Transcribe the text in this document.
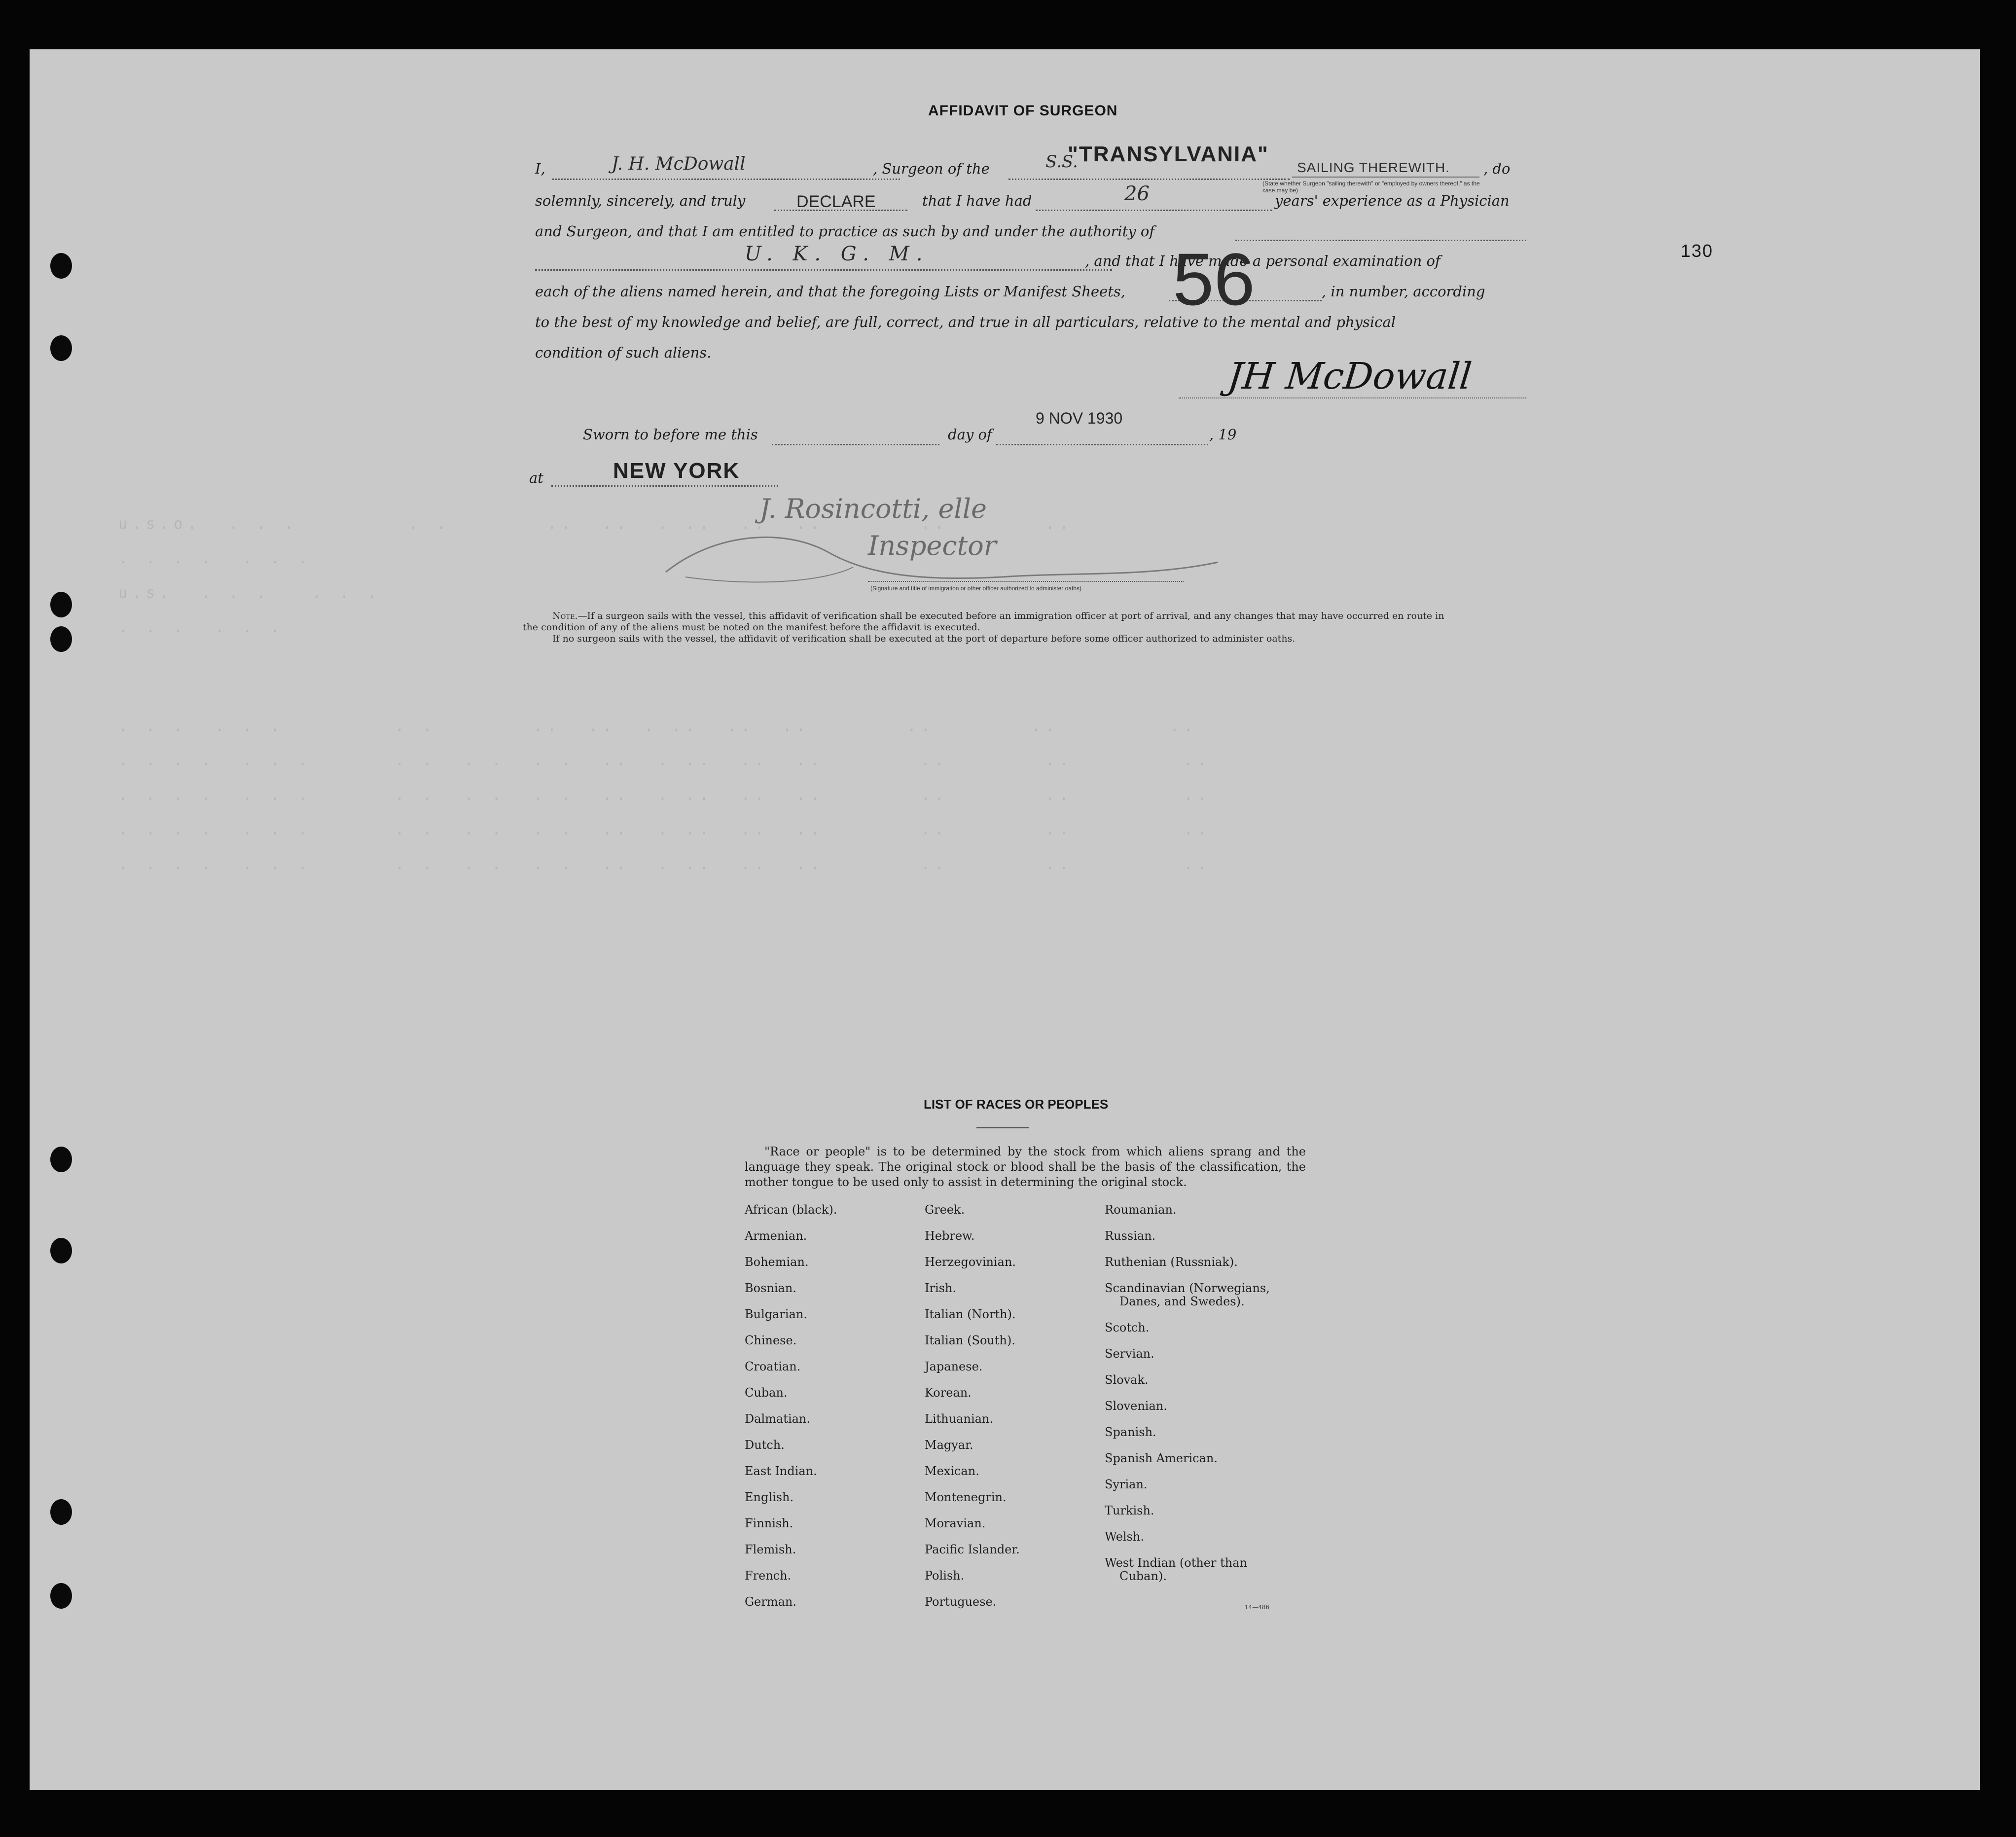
u.s.o.  . . .        . .       ..  ..  . ..  ..  ..       ..       ..
. . . .  . . .
u.s.  . . .   . . .
. . .  . . .
. . .  . . .        . .       ..  ..  . ..  ..  ..       ..       ..        ..
. . . .  . . .      . .  . .  . .  ..  . ..  ..  ..       ..       ..        ..
. . . .  . . .      . .  . .  . .  ..  . ..  ..  ..       ..       ..        ..
. . . .  . . .      . .  . .  . .  ..  . ..  ..  ..       ..       ..        ..
. . . .  . . .      . .  . .  . .  ..  . ..  ..  ..       ..       ..        ..
130
AFFIDAVIT OF SURGEON
I,	J. H. McDowall	, Surgeon of the	S.S.
"TRANSYLVANIA"
SAILING THEREWITH.
(State whether Surgeon "sailing therewith" or "employed by owners thereof," as the case may be)
, do
solemnly, sincerely, and truly	DECLARE	that I have had	26	years' experience as a Physician
and Surgeon, and that I am entitled to practice as such by and under the authority of
U. K. G. M.	, and that I have made a personal examination of
each of the aliens named herein, and that the foregoing Lists or Manifest Sheets, 56	, in number, according
to the best of my knowledge and belief, are full, correct, and true in all particulars, relative to the mental and physical
condition of such aliens.
JH McDowall
Sworn to before me this	day of
9 NOV 1930
, 19
at	NEW YORK
J. Rosincotti, elle
Inspector
(Signature and title of immigration or other officer authorized to administer oaths)
Note.—If a surgeon sails with the vessel, this affidavit of verification shall be executed before an immigration officer at port of arrival, and any changes that may have occurred en route in
the condition of any of the aliens must be noted on the manifest before the affidavit is executed.
If no surgeon sails with the vessel, the affidavit of verification shall be executed at the port of departure before some officer authorized to administer oaths.
LIST OF RACES OR PEOPLES
"Race or people" is to be determined by the stock from which aliens sprang and the language they speak. The original stock or blood shall be the basis of the classification, the mother tongue to be used only to assist in determining the original stock.
African (black).
Armenian.
Bohemian.
Bosnian.
Bulgarian.
Chinese.
Croatian.
Cuban.
Dalmatian.
Dutch.
East Indian.
English.
Finnish.
Flemish.
French.
German.
Greek.
Hebrew.
Herzegovinian.
Irish.
Italian (North).
Italian (South).
Japanese.
Korean.
Lithuanian.
Magyar.
Mexican.
Montenegrin.
Moravian.
Pacific Islander.
Polish.
Portuguese.
Roumanian.
Russian.
Ruthenian (Russniak).
Scandinavian (Norwegians,
Danes, and Swedes).
Scotch.
Servian.
Slovak.
Slovenian.
Spanish.
Spanish American.
Syrian.
Turkish.
Welsh.
West Indian (other than
Cuban).
14—486
